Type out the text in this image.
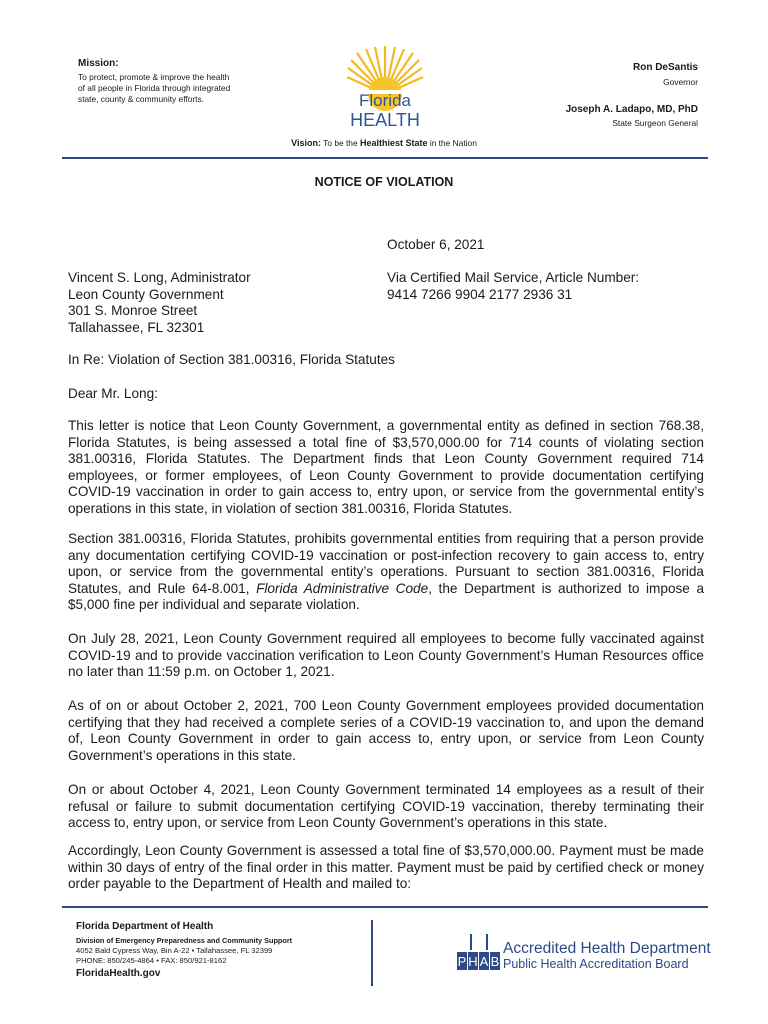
Mission:
To protect, promote & improve the health
of all people in Florida through integrated
state, county & community efforts.	Florida
HEALTH
Vision: To be the Healthiest State in the Nation
Ron DeSantis
Governor
Joseph A. Ladapo, MD, PhD
State Surgeon General
NOTICE OF VIOLATION
October 6, 2021
Vincent S. Long, Administrator
Leon County Government
301 S. Monroe Street
Tallahassee, FL 32301
Via Certified Mail Service, Article Number:
9414 7266 9904 2177 2936 31
In Re: Violation of Section 381.00316, Florida Statutes
Dear Mr. Long:
This letter is notice that Leon County Government, a governmental entity as defined in section 768.38, Florida Statutes, is being assessed a total fine of $3,570,000.00 for 714 counts of violating section 381.00316, Florida Statutes. The Department finds that Leon County Government required 714 employees, or former employees, of Leon County Government to provide documentation certifying COVID-19 vaccination in order to gain access to, entry upon, or service from the governmental entity’s operations in this state, in violation of section 381.00316, Florida Statutes.
Section 381.00316, Florida Statutes, prohibits governmental entities from requiring that a person provide any documentation certifying COVID-19 vaccination or post-infection recovery to gain access to, entry upon, or service from the governmental entity’s operations. Pursuant to section 381.00316, Florida Statutes, and Rule 64-8.001, Florida Administrative Code, the Department is authorized to impose a $5,000 fine per individual and separate violation.
On July 28, 2021, Leon County Government required all employees to become fully vaccinated against COVID-19 and to provide vaccination verification to Leon County Government’s Human Resources office no later than 11:59 p.m. on October 1, 2021.
As of on or about October 2, 2021, 700 Leon County Government employees provided documentation certifying that they had received a complete series of a COVID-19 vaccination to, and upon the demand of, Leon County Government in order to gain access to, entry upon, or service from Leon County Government’s operations in this state.
On or about October 4, 2021, Leon County Government terminated 14 employees as a result of their refusal or failure to submit documentation certifying COVID-19 vaccination, thereby terminating their access to, entry upon, or service from Leon County Government’s operations in this state.
Accordingly, Leon County Government is assessed a total fine of $3,570,000.00. Payment must be made within 30 days of entry of the final order in this matter. Payment must be paid by certified check or money order payable to the Department of Health and mailed to:
Florida Department of Health
Division of Emergency Preparedness and Community Support
4052 Bald Cypress Way, Bin A-22 • Tallahassee, FL 32399
PHONE: 850/245-4864 • FAX: 850/921-8162
FloridaHealth.gov
P H A B
Accredited Health Department
Public Health Accreditation Board
